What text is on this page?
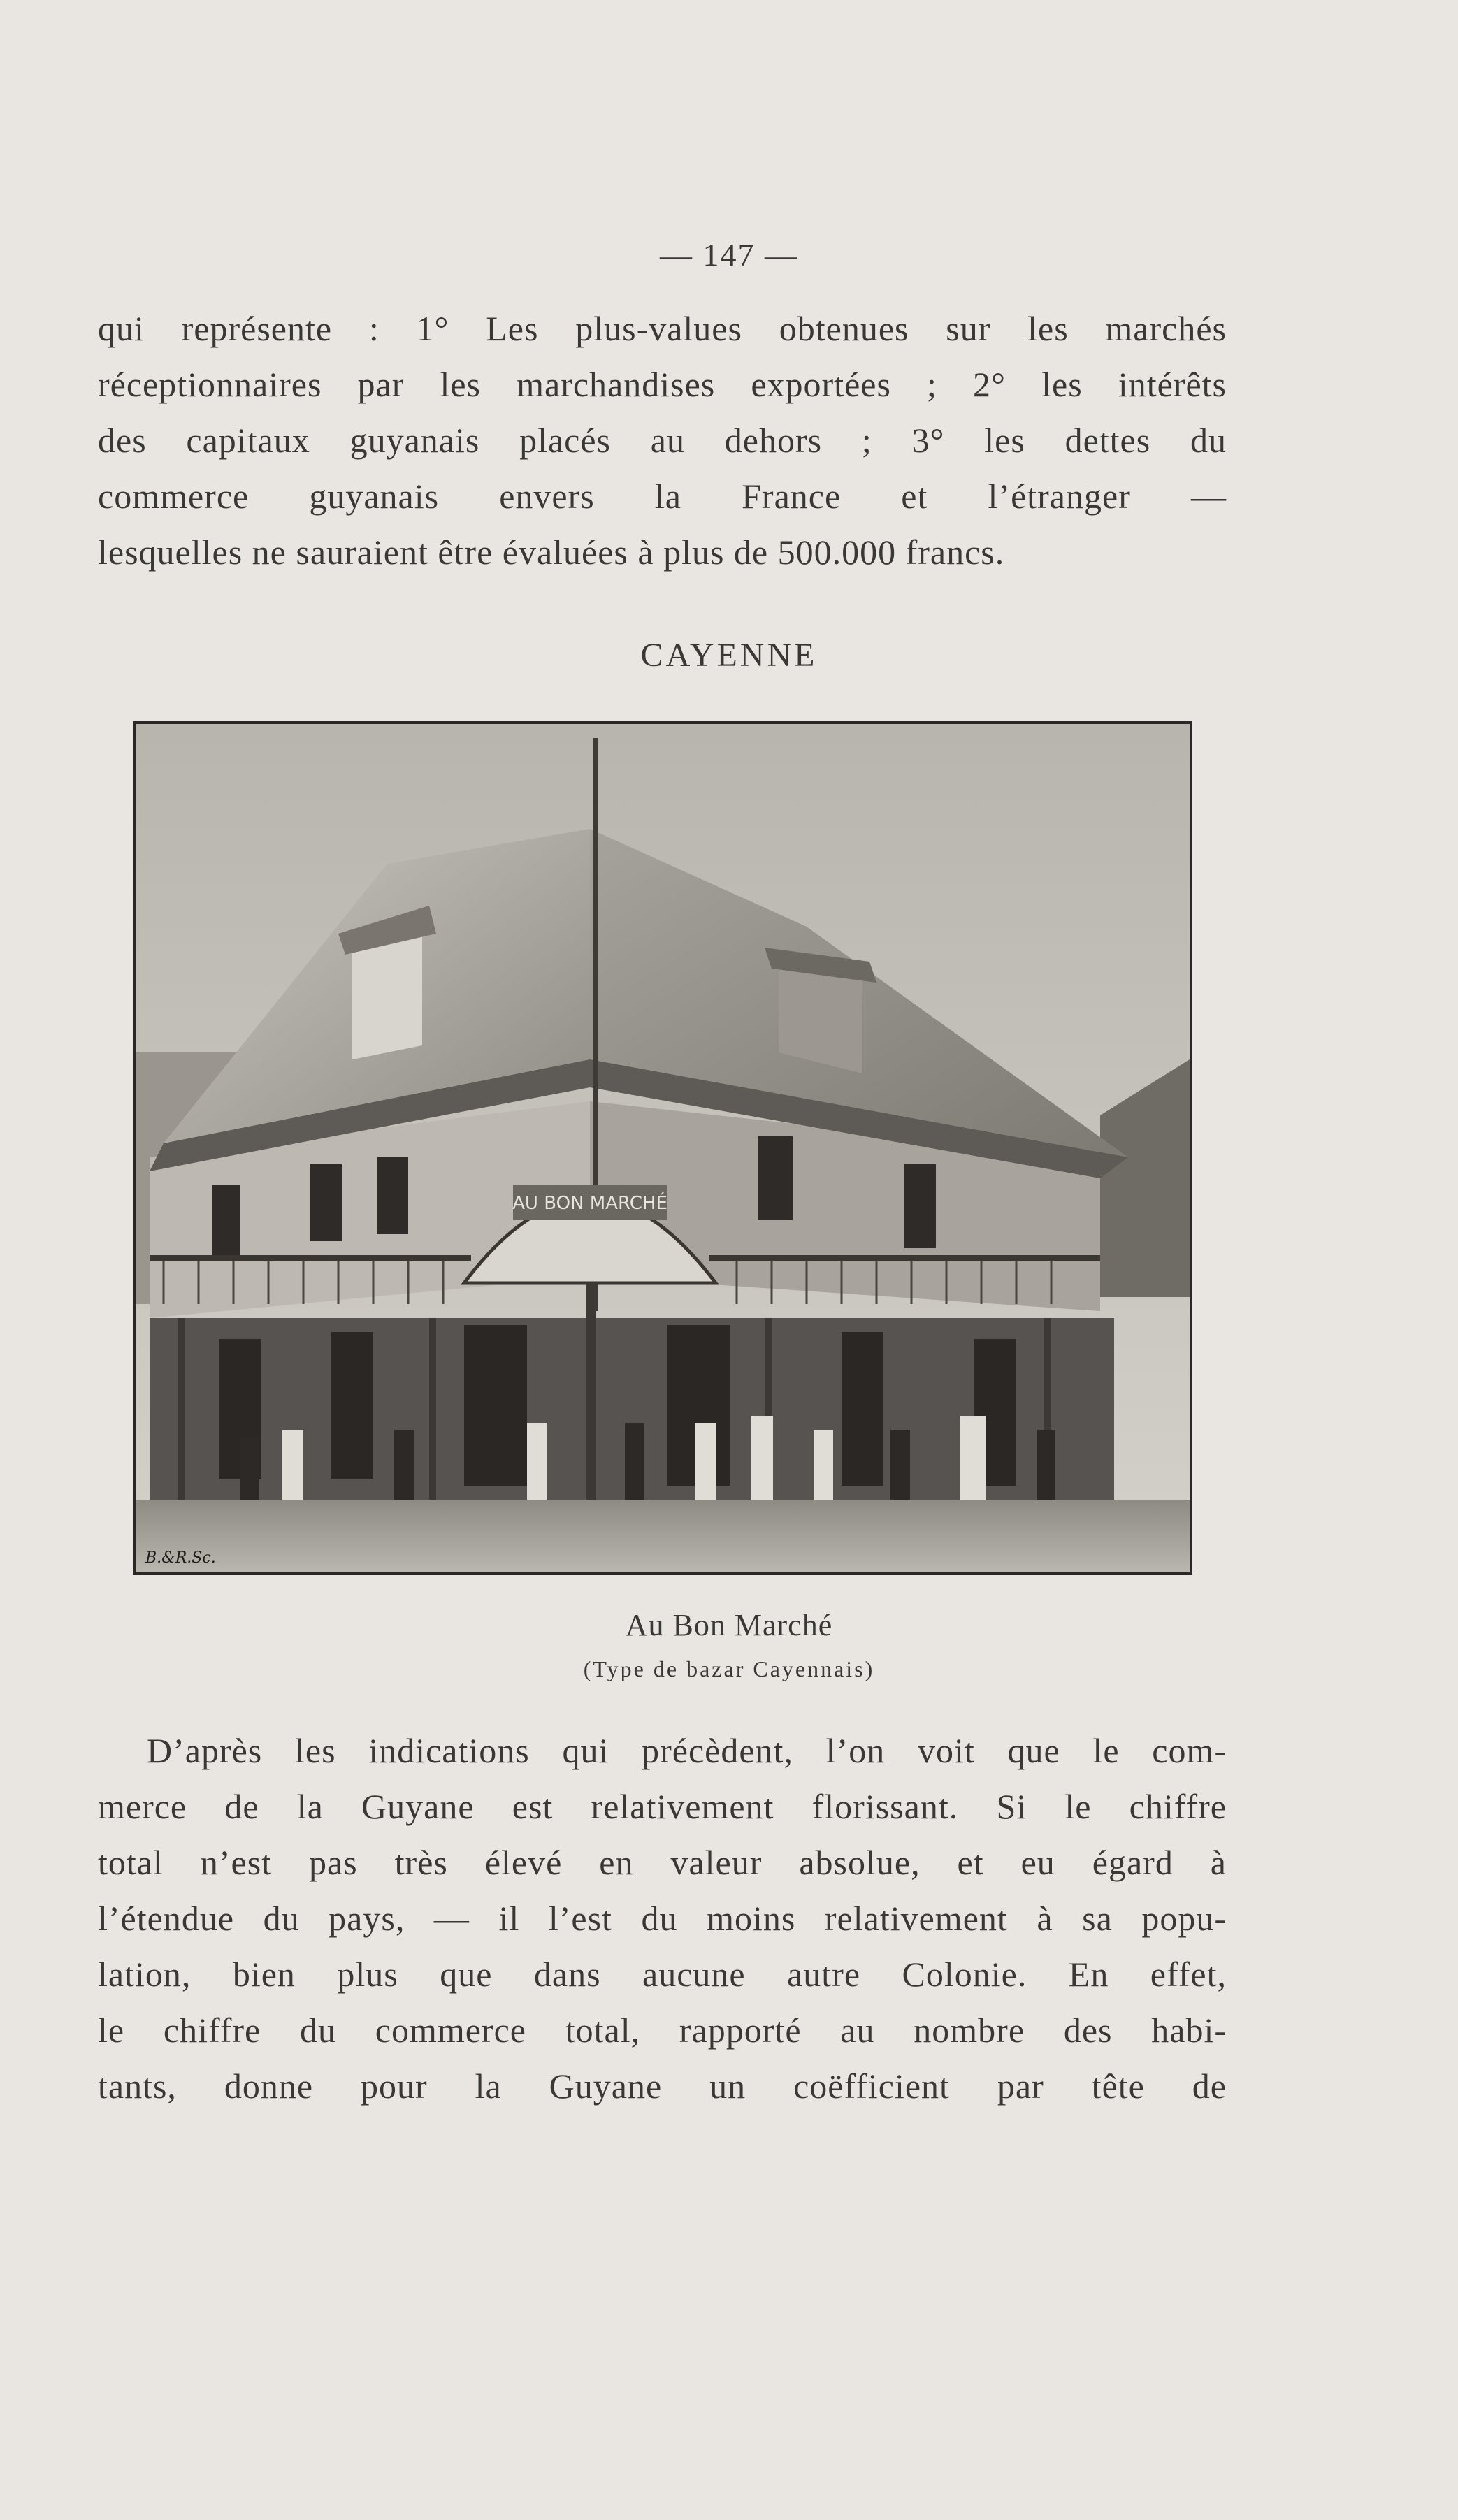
— 147 —
qui représente : 1° Les plus-values obtenues sur les marchés
réceptionnaires par les marchandises exportées ; 2° les intérêts
des capitaux guyanais placés au dehors ; 3° les dettes du
commerce guyanais envers la France et l’étranger —
lesquelles ne sauraient être évaluées à plus de 500.000 francs.
CAYENNE
AU BON MARCHÉ
B.&R.Sc.
Au Bon Marché
(Type de bazar Cayennais)
D’après les indications qui précèdent, l’on voit que le com-
merce de la Guyane est relativement florissant. Si le chiffre
total n’est pas très élevé en valeur absolue, et eu égard à
l’étendue du pays, — il l’est du moins relativement à sa popu-
lation, bien plus que dans aucune autre Colonie. En effet,
le chiffre du commerce total, rapporté au nombre des habi-
tants, donne pour la Guyane un coëfficient par tête de
